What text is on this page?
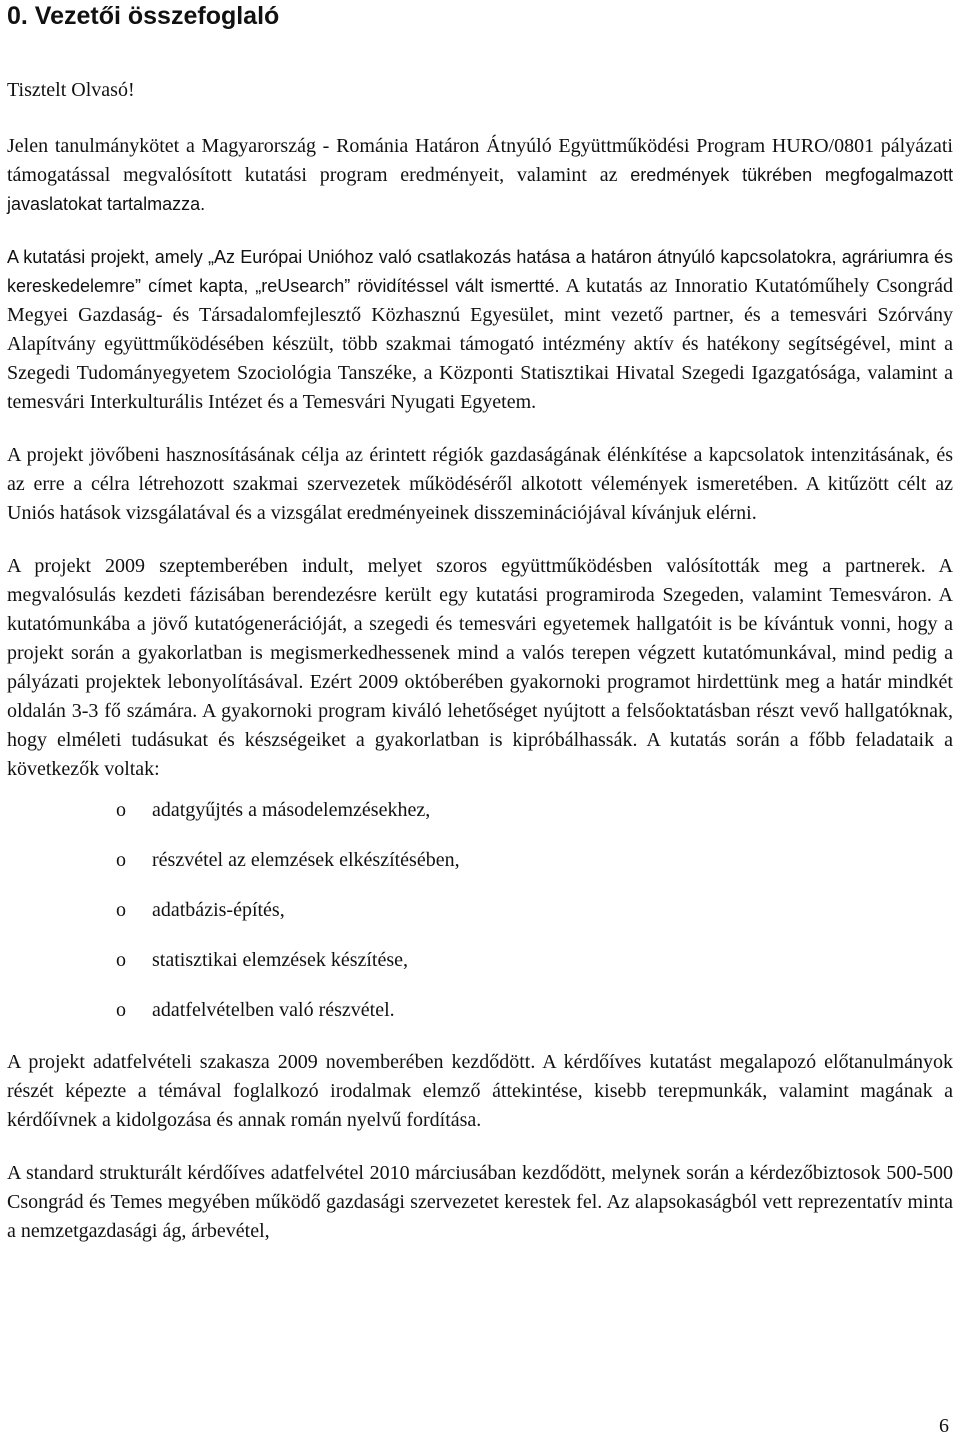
0. Vezetői összefoglaló

Tisztelt Olvasó!

Jelen tanulmánykötet a Magyarország - Románia Határon Átnyúló Együttműködési Program HURO/0801 pályázati támogatással megvalósított kutatási program eredményeit, valamint az eredmények tükrében megfogalmazott javaslatokat tartalmazza.

A kutatási projekt, amely „Az Európai Unióhoz való csatlakozás hatása a határon átnyúló kapcsolatokra, agráriumra és kereskedelemre” címet kapta, „reUsearch” rövidítéssel vált ismertté. A kutatás az Innoratio Kutatóműhely Csongrád Megyei Gazdaság- és Társadalomfejlesztő Közhasznú Egyesület, mint vezető partner, és a temesvári Szórvány Alapítvány együttműködésében készült, több szakmai támogató intézmény aktív és hatékony segítségével, mint a Szegedi Tudományegyetem Szociológia Tanszéke, a Központi Statisztikai Hivatal Szegedi Igazgatósága, valamint a temesvári Interkulturális Intézet és a Temesvári Nyugati Egyetem.

A projekt jövőbeni hasznosításának célja az érintett régiók gazdaságának élénkítése a kapcsolatok intenzitásának, és az erre a célra létrehozott szakmai szervezetek működéséről alkotott vélemények ismeretében. A kitűzött célt az Uniós hatások vizsgálatával és a vizsgálat eredményeinek disszeminációjával kívánjuk elérni.

A projekt 2009 szeptemberében indult, melyet szoros együttműködésben valósították meg a partnerek. A megvalósulás kezdeti fázisában berendezésre került egy kutatási programiroda Szegeden, valamint Temesváron. A kutatómunkába a jövő kutatógenerációját, a szegedi és temesvári egyetemek hallgatóit is be kívántuk vonni, hogy a projekt során a gyakorlatban is megismerkedhessenek mind a valós terepen végzett kutatómunkával, mind pedig a pályázati projektek lebonyolításával. Ezért 2009 októberében gyakornoki programot hirdettünk meg a határ mindkét oldalán 3-3 fő számára. A gyakornoki program kiváló lehetőséget nyújtott a felsőoktatásban részt vevő hallgatóknak, hogy elméleti tudásukat és készségeiket a gyakorlatban is kipróbálhassák. A kutatás során a főbb feladataik a következők voltak:

o adatgyűjtés a másodelemzésekhez,
o részvétel az elemzések elkészítésében,
o adatbázis-építés,
o statisztikai elemzések készítése,
o adatfelvételben való részvétel.

A projekt adatfelvételi szakasza 2009 novemberében kezdődött. A kérdőíves kutatást megalapozó előtanulmányok részét képezte a témával foglalkozó irodalmak elemző áttekintése, kisebb terepmunkák, valamint magának a kérdőívnek a kidolgozása és annak román nyelvű fordítása.

A standard strukturált kérdőíves adatfelvétel 2010 márciusában kezdődött, melynek során a kérdezőbiztosok 500-500 Csongrád és Temes megyében működő gazdasági szervezetet kerestek fel. Az alapsokaságból vett reprezentatív minta a nemzetgazdasági ág, árbevétel,

6
